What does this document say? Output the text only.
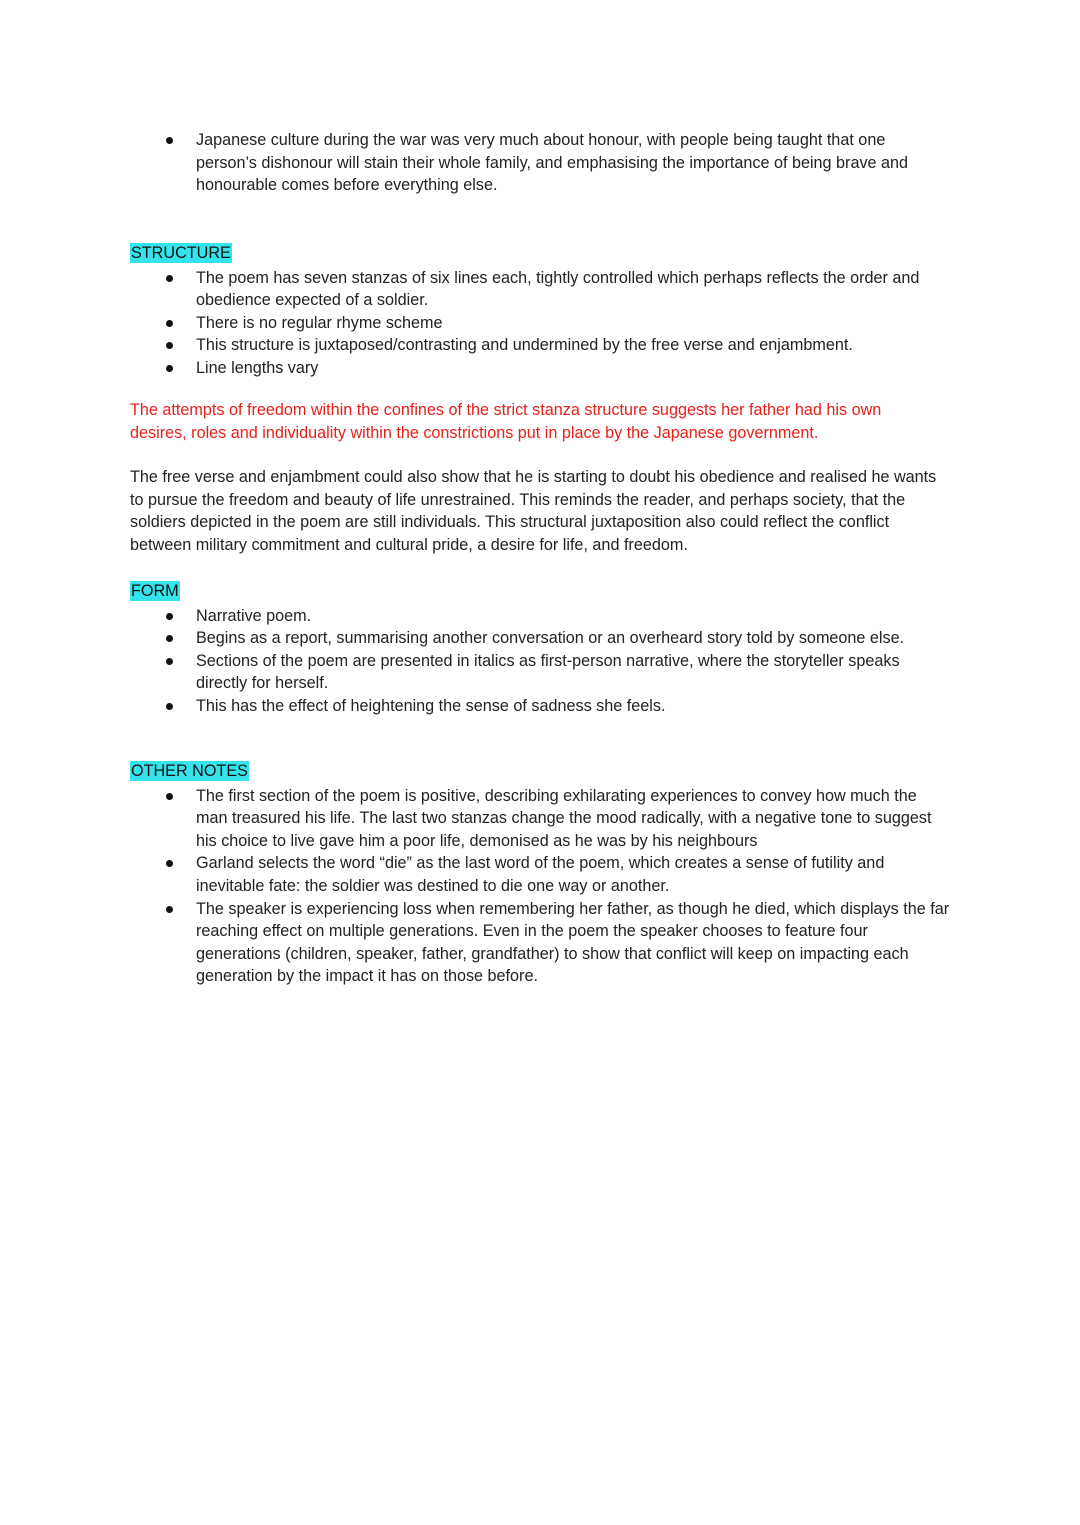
Japanese culture during the war was very much about honour, with people being taught that one person’s dishonour will stain their whole family, and emphasising the importance of being brave and honourable comes before everything else.
STRUCTURE
The poem has seven stanzas of six lines each, tightly controlled which perhaps reflects the order and obedience expected of a soldier.
There is no regular rhyme scheme
This structure is juxtaposed/contrasting and undermined by the free verse and enjambment.
Line lengths vary

The attempts of freedom within the confines of the strict stanza structure suggests her father had his own desires, roles and individuality within the constrictions put in place by the Japanese government.

The free verse and enjambment could also show that he is starting to doubt his obedience and realised he wants to pursue the freedom and beauty of life unrestrained. This reminds the reader, and perhaps society, that the soldiers depicted in the poem are still individuals. This structural juxtaposition also could reflect the conflict between military commitment and cultural pride, a desire for life, and freedom.

FORM
Narrative poem.
Begins as a report, summarising another conversation or an overheard story told by someone else.
Sections of the poem are presented in italics as first-person narrative, where the storyteller speaks directly for herself.
This has the effect of heightening the sense of sadness she feels.
OTHER NOTES
The first section of the poem is positive, describing exhilarating experiences to convey how much the man treasured his life. The last two stanzas change the mood radically, with a negative tone to suggest his choice to live gave him a poor life, demonised as he was by his neighbours
Garland selects the word “die” as the last word of the poem, which creates a sense of futility and inevitable fate: the soldier was destined to die one way or another.
The speaker is experiencing loss when remembering her father, as though he died, which displays the far reaching effect on multiple generations. Even in the poem the speaker chooses to feature four generations (children, speaker, father, grandfather) to show that conflict will keep on impacting each generation by the impact it has on those before.
